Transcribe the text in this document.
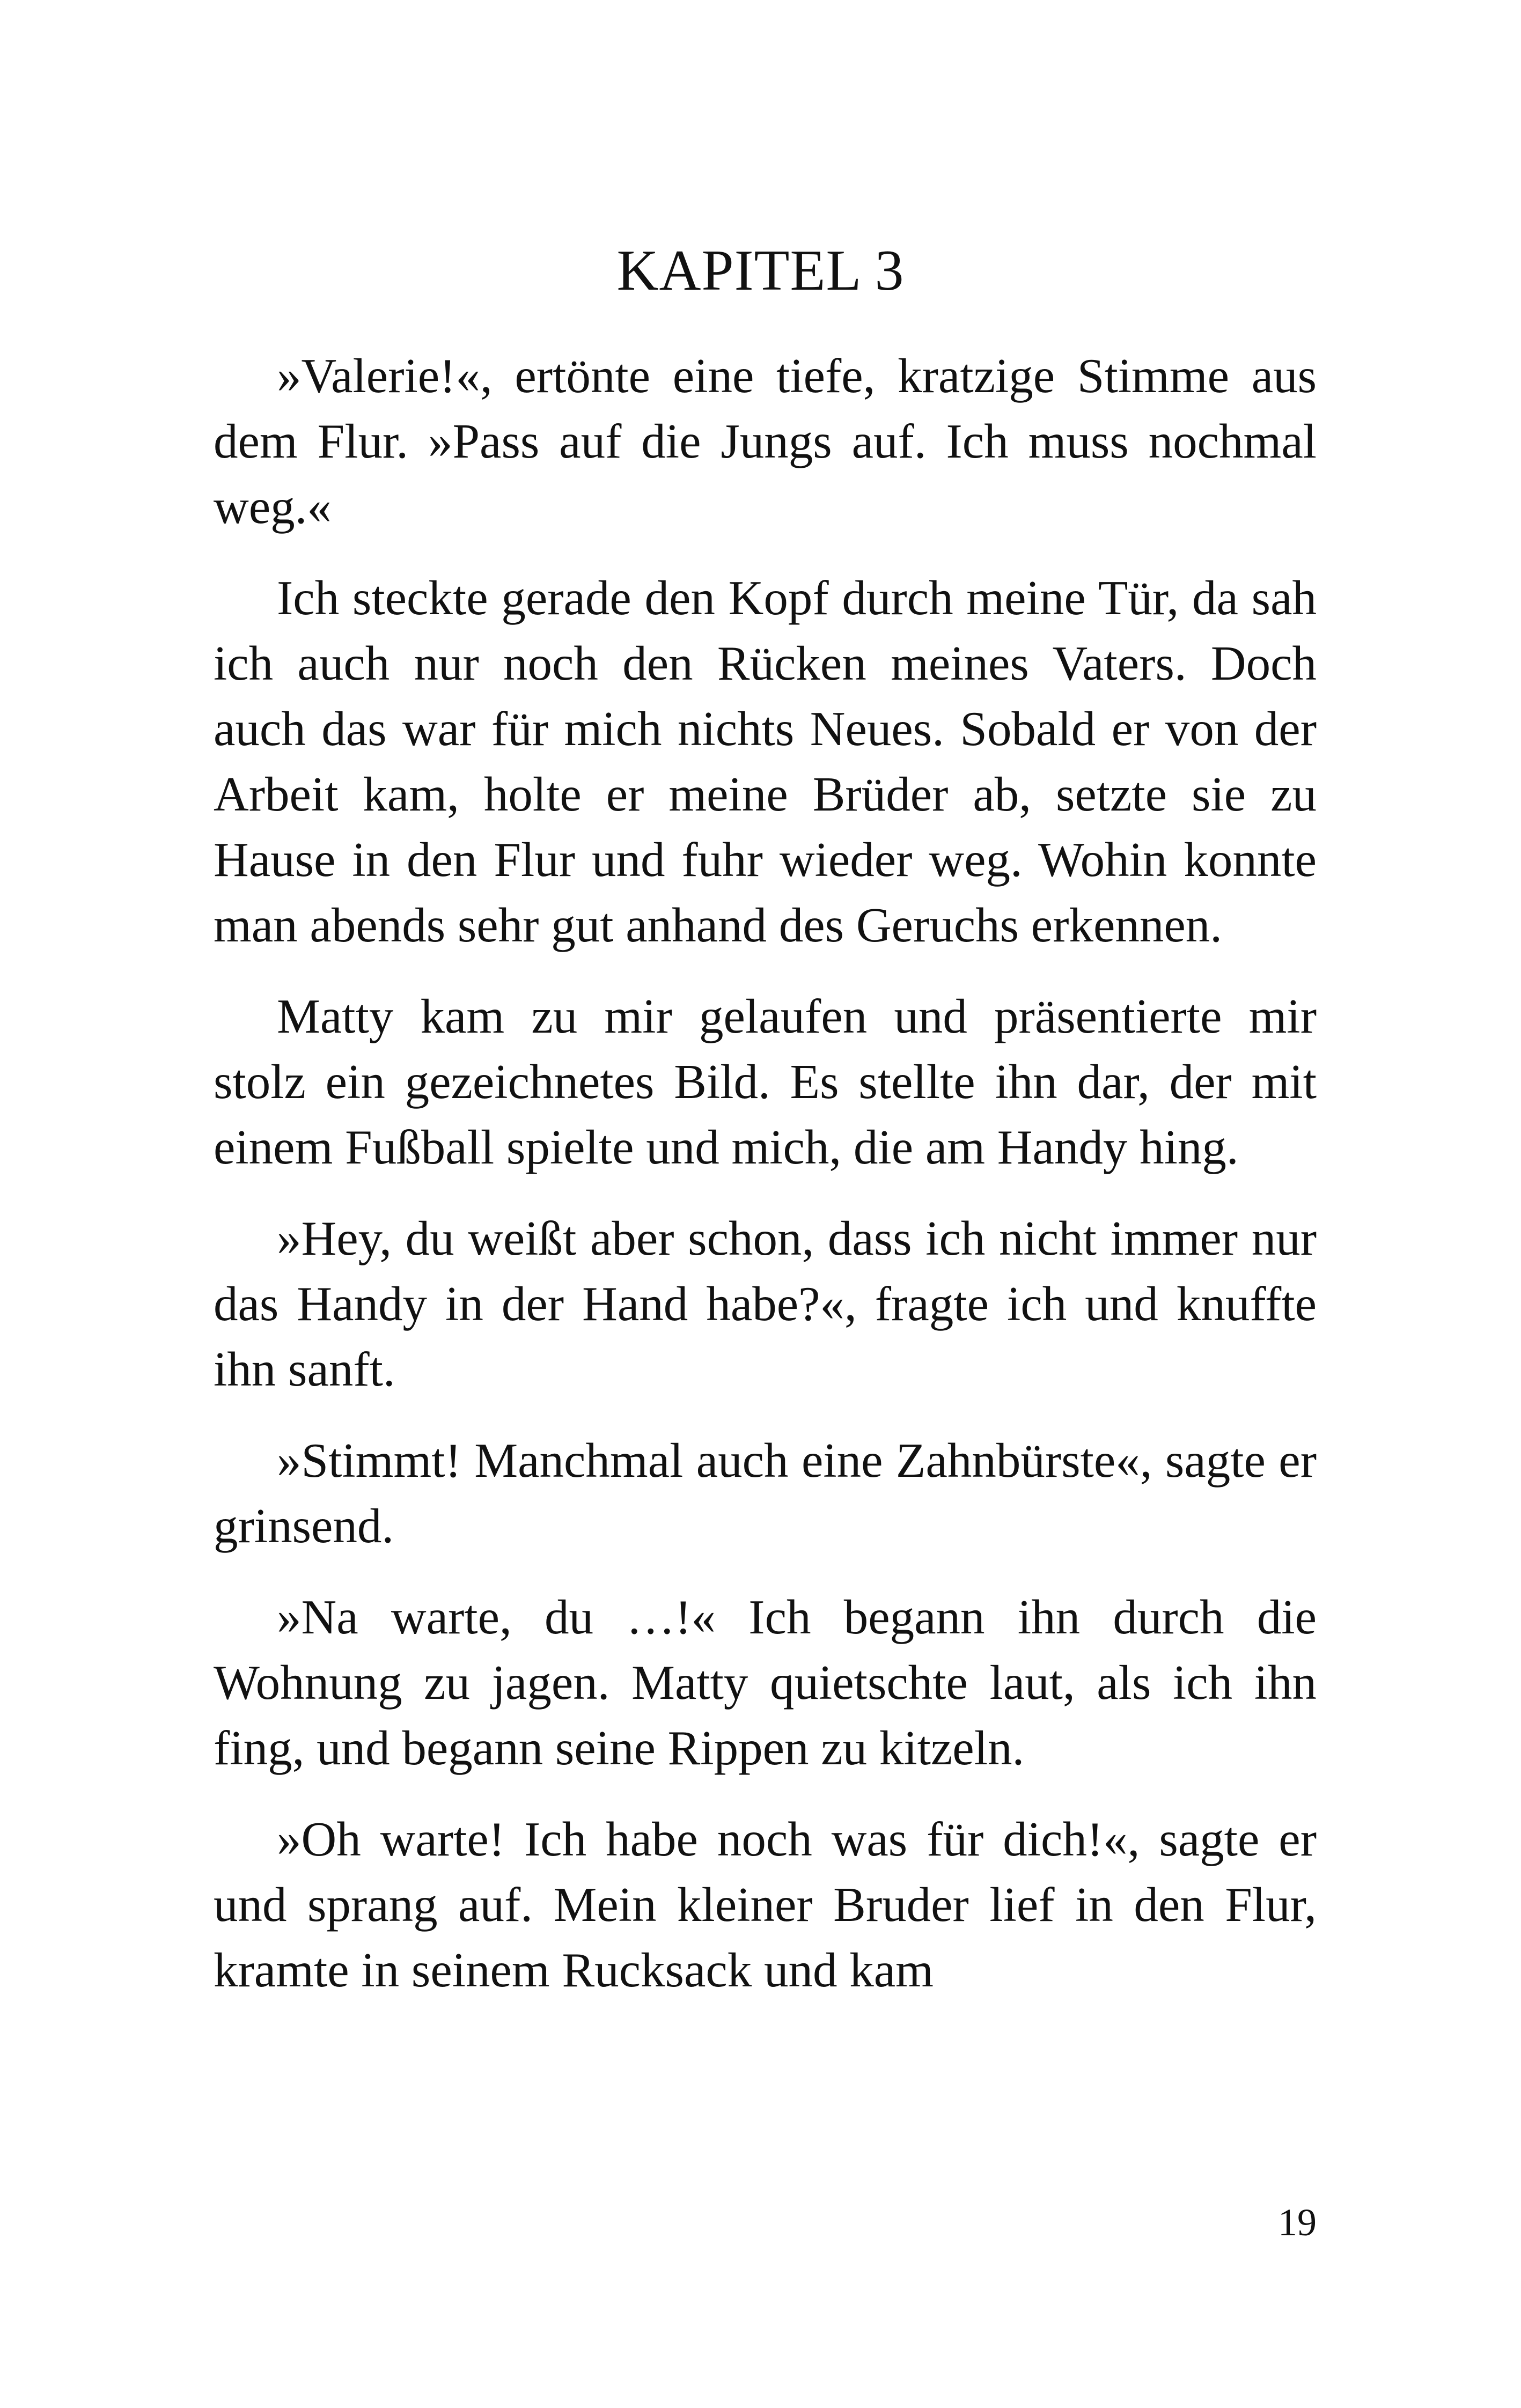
KAPITEL 3

»Valerie!«, ertönte eine tiefe, kratzige Stimme aus dem Flur. »Pass auf die Jungs auf. Ich muss nochmal weg.«

Ich steckte gerade den Kopf durch meine Tür, da sah ich auch nur noch den Rücken meines Vaters. Doch auch das war für mich nichts Neues. Sobald er von der Arbeit kam, holte er meine Brüder ab, setzte sie zu Hause in den Flur und fuhr wieder weg. Wohin konnte man abends sehr gut anhand des Geruchs erkennen.

Matty kam zu mir gelaufen und präsentierte mir stolz ein gezeichnetes Bild. Es stellte ihn dar, der mit einem Fußball spielte und mich, die am Handy hing.

»Hey, du weißt aber schon, dass ich nicht immer nur das Handy in der Hand habe?«, fragte ich und knuffte ihn sanft.

»Stimmt! Manchmal auch eine Zahnbürste«, sagte er grinsend.

»Na warte, du …!« Ich begann ihn durch die Wohnung zu jagen. Matty quietschte laut, als ich ihn fing, und begann seine Rippen zu kitzeln.

»Oh warte! Ich habe noch was für dich!«, sagte er und sprang auf. Mein kleiner Bruder lief in den Flur, kramte in seinem Rucksack und kam

19
